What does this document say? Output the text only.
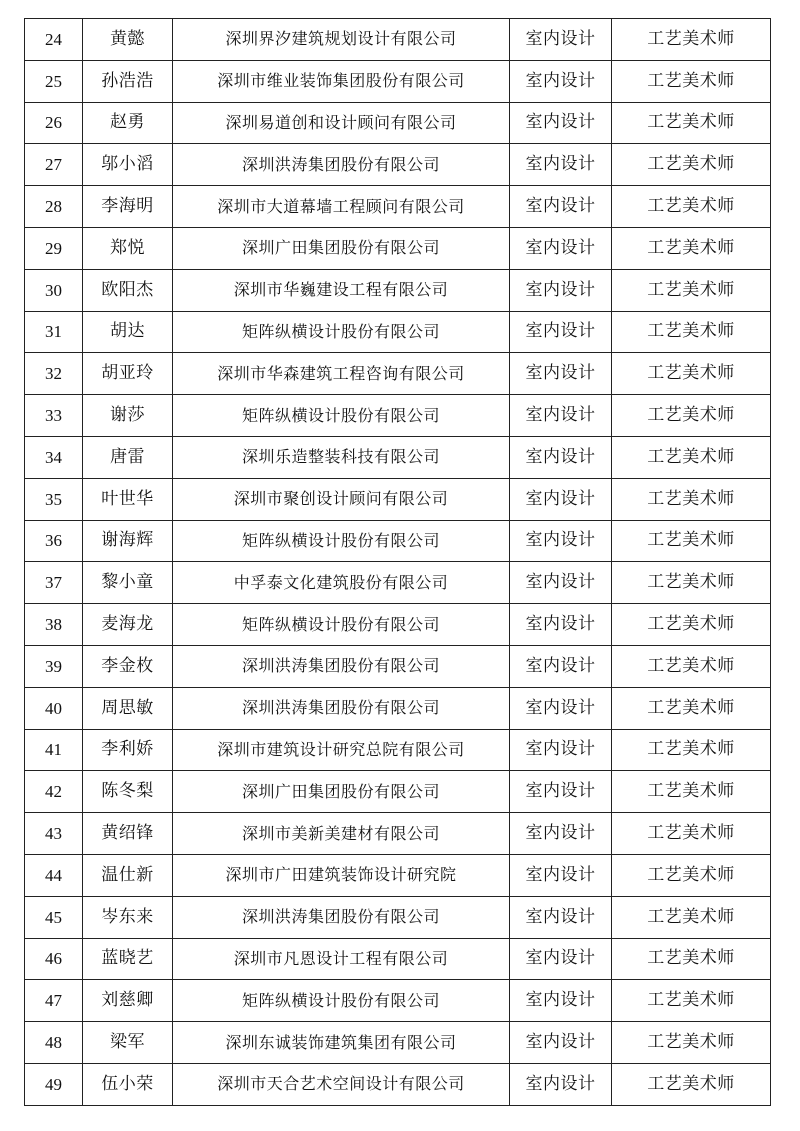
24	黄懿	深圳界汐建筑规划设计有限公司	室内设计	工艺美术师
25	孙浩浩	深圳市维业装饰集团股份有限公司	室内设计	工艺美术师
26	赵勇	深圳易道创和设计顾问有限公司	室内设计	工艺美术师
27	邬小滔	深圳洪涛集团股份有限公司	室内设计	工艺美术师
28	李海明	深圳市大道幕墙工程顾问有限公司	室内设计	工艺美术师
29	郑悦	深圳广田集团股份有限公司	室内设计	工艺美术师
30	欧阳杰	深圳市华巍建设工程有限公司	室内设计	工艺美术师
31	胡达	矩阵纵横设计股份有限公司	室内设计	工艺美术师
32	胡亚玲	深圳市华森建筑工程咨询有限公司	室内设计	工艺美术师
33	谢莎	矩阵纵横设计股份有限公司	室内设计	工艺美术师
34	唐雷	深圳乐造整装科技有限公司	室内设计	工艺美术师
35	叶世华	深圳市聚创设计顾问有限公司	室内设计	工艺美术师
36	谢海辉	矩阵纵横设计股份有限公司	室内设计	工艺美术师
37	黎小童	中孚泰文化建筑股份有限公司	室内设计	工艺美术师
38	麦海龙	矩阵纵横设计股份有限公司	室内设计	工艺美术师
39	李金枚	深圳洪涛集团股份有限公司	室内设计	工艺美术师
40	周思敏	深圳洪涛集团股份有限公司	室内设计	工艺美术师
41	李利娇	深圳市建筑设计研究总院有限公司	室内设计	工艺美术师
42	陈冬梨	深圳广田集团股份有限公司	室内设计	工艺美术师
43	黄绍锋	深圳市美新美建材有限公司	室内设计	工艺美术师
44	温仕新	深圳市广田建筑装饰设计研究院	室内设计	工艺美术师
45	岑东来	深圳洪涛集团股份有限公司	室内设计	工艺美术师
46	蓝晓艺	深圳市凡恩设计工程有限公司	室内设计	工艺美术师
47	刘慈卿	矩阵纵横设计股份有限公司	室内设计	工艺美术师
48	梁军	深圳东诚装饰建筑集团有限公司	室内设计	工艺美术师
49	伍小荣	深圳市天合艺术空间设计有限公司	室内设计	工艺美术师
